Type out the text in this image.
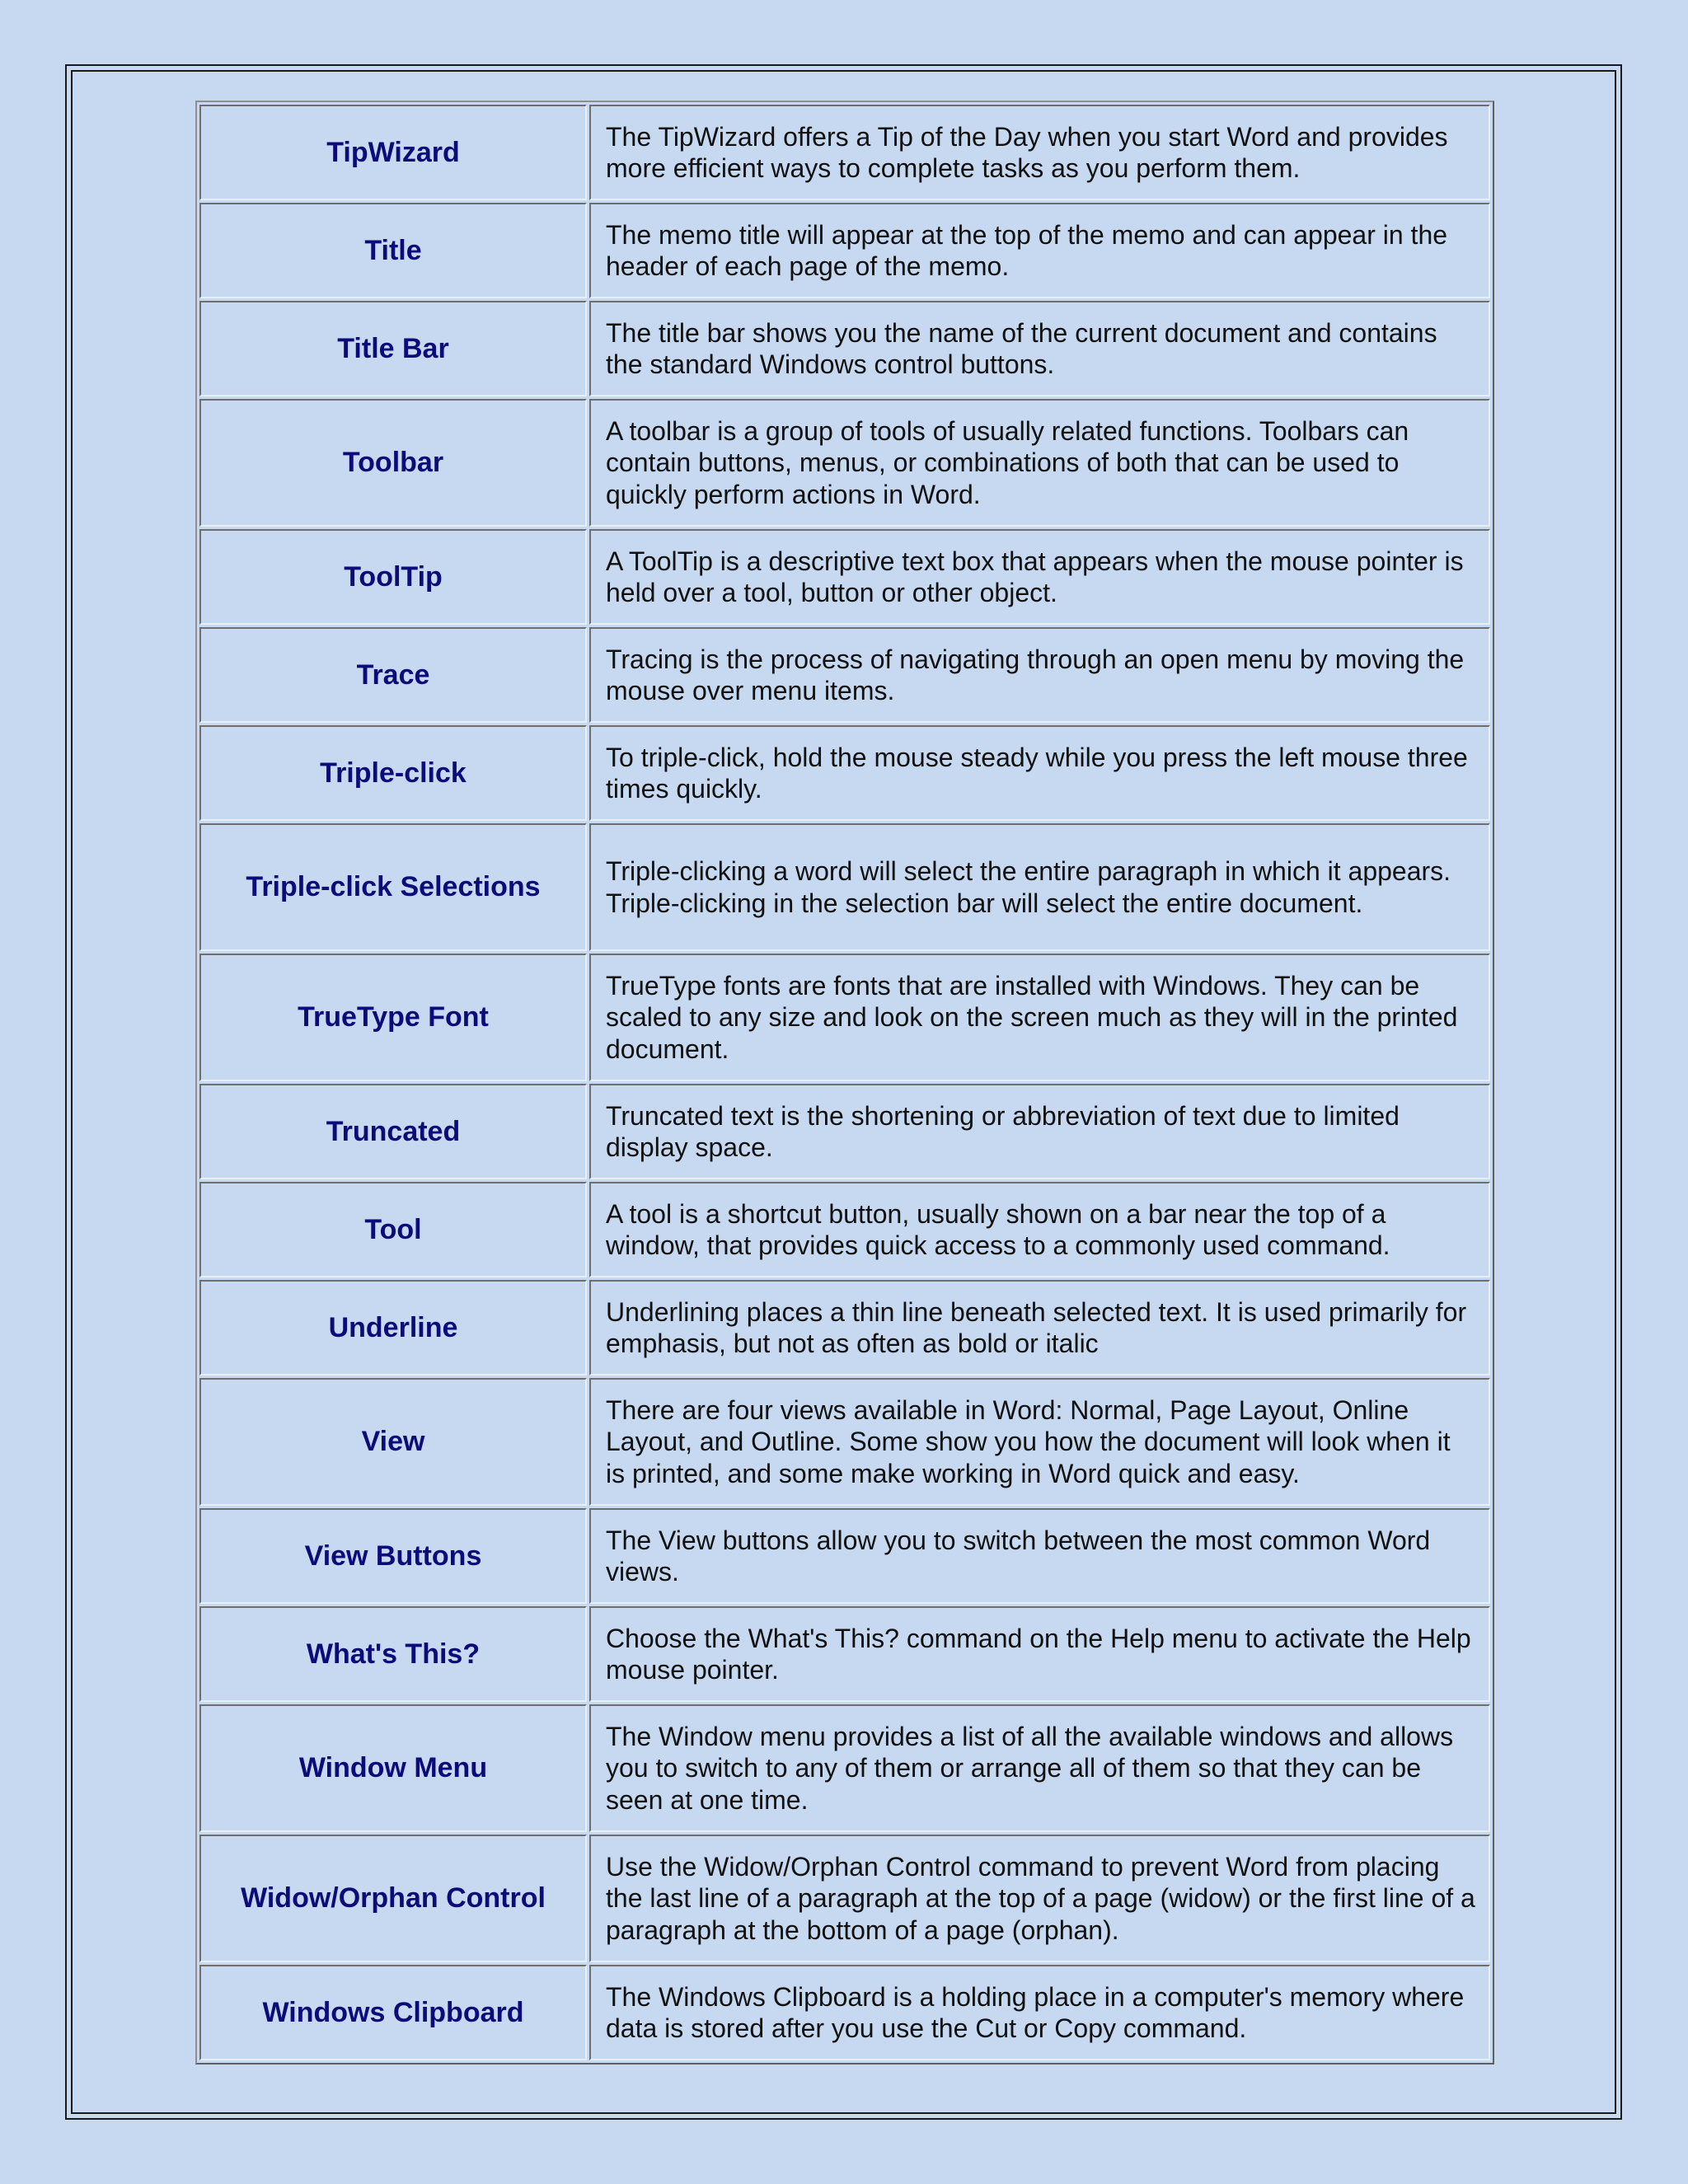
TipWizard	The TipWizard offers a Tip of the Day when you start Word and provides more efficient ways to complete tasks as you perform them.
Title	The memo title will appear at the top of the memo and can appear in the header of each page of the memo.
Title Bar	The title bar shows you the name of the current document and contains the standard Windows control buttons.
Toolbar	A toolbar is a group of tools of usually related functions. Toolbars can contain buttons, menus, or combinations of both that can be used to quickly perform actions in Word.
ToolTip	A ToolTip is a descriptive text box that appears when the mouse pointer is held over a tool, button or other object.
Trace	Tracing is the process of navigating through an open menu by moving the mouse over menu items.
Triple-click	To triple-click, hold the mouse steady while you press the left mouse three times quickly.
Triple-click Selections	Triple-clicking a word will select the entire paragraph in which it appears. Triple-clicking in the selection bar will select the entire document.
TrueType Font	TrueType fonts are fonts that are installed with Windows. They can be scaled to any size and look on the screen much as they will in the printed document.
Truncated	Truncated text is the shortening or abbreviation of text due to limited display space.
Tool	A tool is a shortcut button, usually shown on a bar near the top of a window, that provides quick access to a commonly used command.
Underline	Underlining places a thin line beneath selected text. It is used primarily for emphasis, but not as often as bold or italic
View	There are four views available in Word: Normal, Page Layout, Online Layout, and Outline. Some show you how the document will look when it is printed, and some make working in Word quick and easy.
View Buttons	The View buttons allow you to switch between the most common Word views.
What's This?	Choose the What's This? command on the Help menu to activate the Help mouse pointer.
Window Menu	The Window menu provides a list of all the available windows and allows you to switch to any of them or arrange all of them so that they can be seen at one time.
Widow/Orphan Control	Use the Widow/Orphan Control command to prevent Word from placing the last line of a paragraph at the top of a page (widow) or the first line of a paragraph at the bottom of a page (orphan).
Windows Clipboard	The Windows Clipboard is a holding place in a computer's memory where data is stored after you use the Cut or Copy command.
